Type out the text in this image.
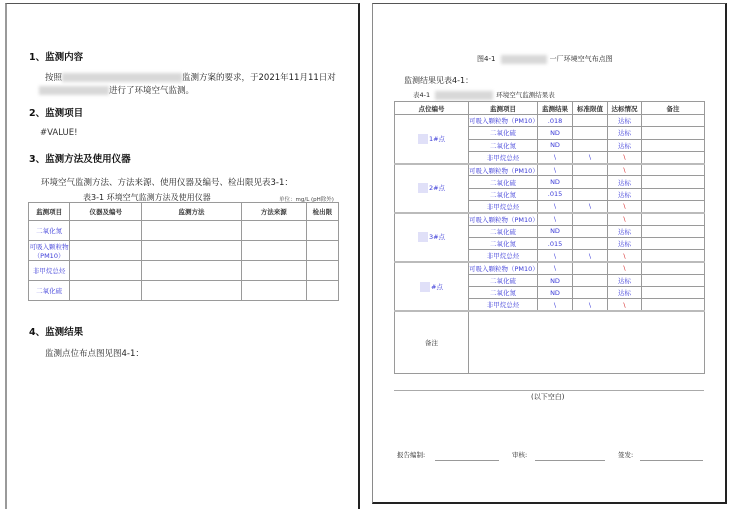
1、监测内容
按照	监测方案的要求，于2021年11月11日对
进行了环境空气监测。
2、监测项目
#VALUE!
3、监测方法及使用仪器
环境空气监测方法、方法来源、使用仪器及编号、检出限见表3-1：
表3-1 环境空气监测方法及使用仪器	单位：mg/L (pH除外)
监测项目	仪器及编号	监测方法	方法来源	检出限
二氧化氮				
可吸入颗粒物（PM10）				
非甲烷总烃				
二氧化硫				
4、监测结果
监测点位布点图见图4-1：
图4-1	一厂环境空气布点图
监测结果见表4-1：
表4-1	环境空气监测结果表
点位编号	监测项目	监测结果	标准限值	达标情况	备注
1#点	可吸入颗粒物（PM10）	.018		达标	
	二氧化硫	ND		达标	
	二氧化氮	ND		达标	
	非甲烷总烃	\	\	\	
2#点	可吸入颗粒物（PM10）	\		\	
	二氧化硫	ND		达标	
	二氧化氮	.015		达标	
	非甲烷总烃	\	\	\	
3#点	可吸入颗粒物（PM10）	\		\	
	二氧化硫	ND		达标	
	二氧化氮	.015		达标	
	非甲烷总烃	\	\	\	
#点	可吸入颗粒物（PM10）	\		\	
	二氧化硫	ND		达标	
	二氧化氮	ND		达标	
	非甲烷总烃	\	\	\	
备注					
(以下空白)
报告编制:	审核:	签发:
